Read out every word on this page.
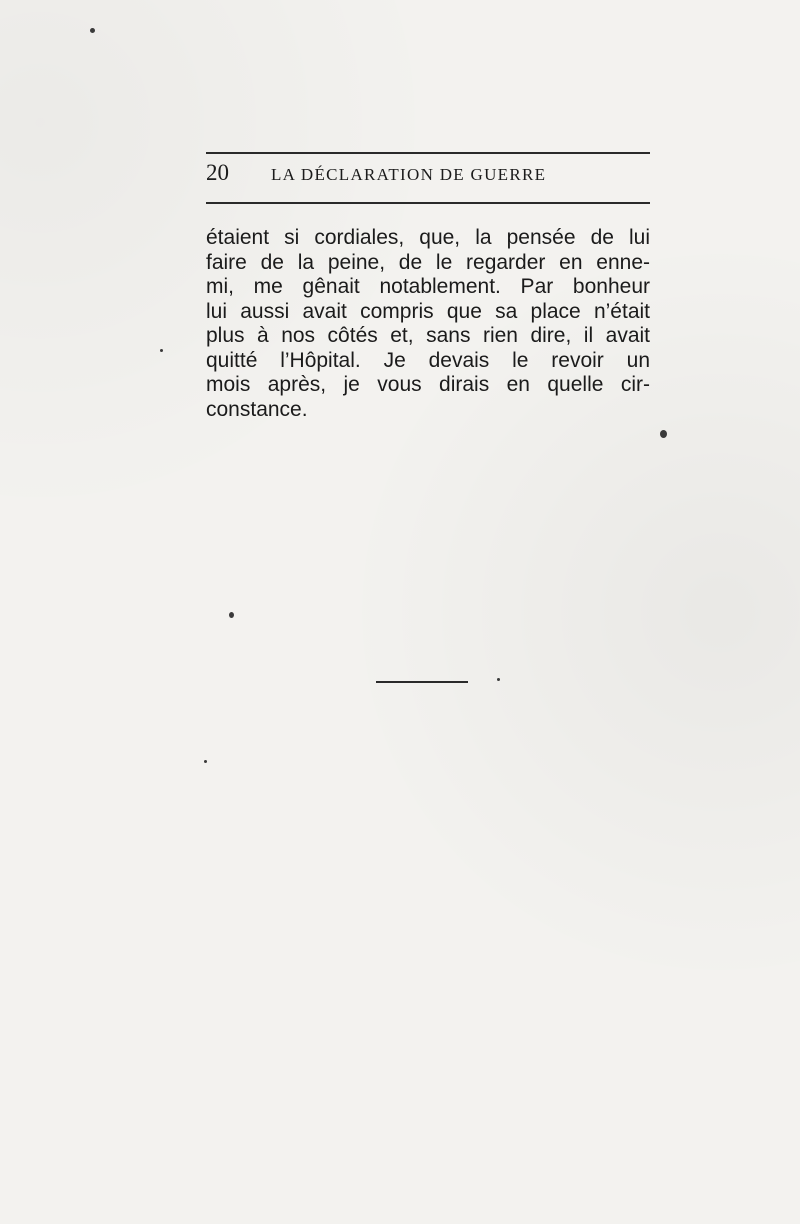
20 LA DÉCLARATION DE GUERRE
étaient si cordiales, que, la pensée de lui
faire de la peine, de le regarder en enne-
mi, me gênait notablement. Par bonheur
lui aussi avait compris que sa place n’était
plus à nos côtés et, sans rien dire, il avait
quitté l’Hôpital. Je devais le revoir un
mois après, je vous dirais en quelle cir-
constance.
